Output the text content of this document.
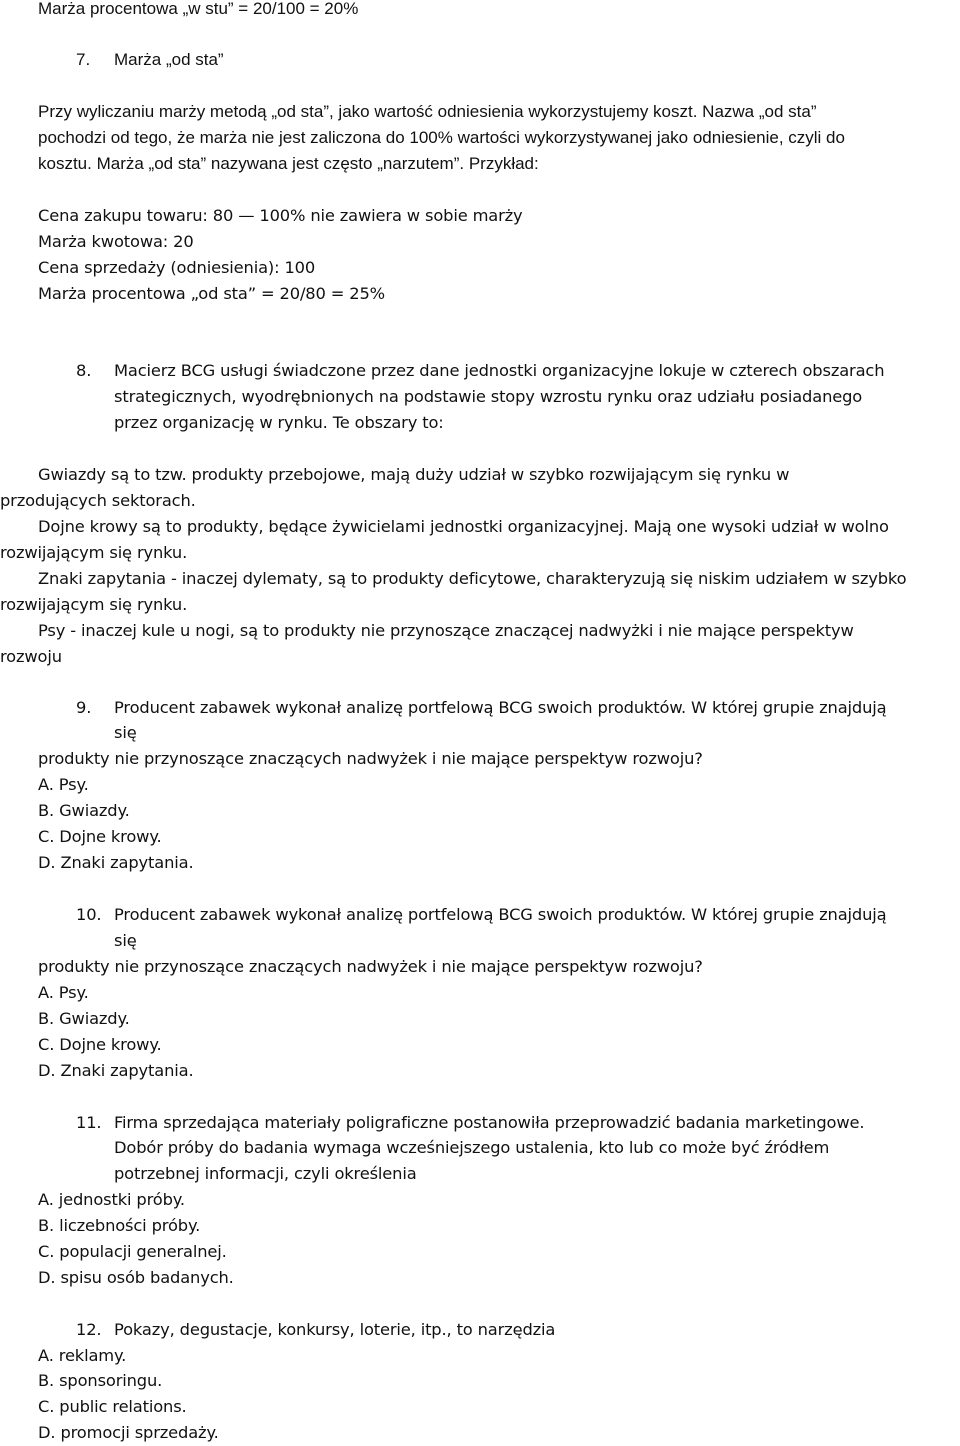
Marża procentowa „w stu” = 20/100 = 20%

7.	Marża „od sta”

Przy wyliczaniu marży metodą „od sta”, jako wartość odniesienia wykorzystujemy koszt. Nazwa „od sta”

pochodzi od tego, że marża nie jest zaliczona do 100% wartości wykorzystywanej jako odniesienie, czyli do

kosztu. Marża „od sta” nazywana jest często „narzutem”. Przykład:

Cena zakupu towaru: 80 — 100% nie zawiera w sobie marży

Marża kwotowa: 20

Cena sprzedaży (odniesienia): 100

Marża procentowa „od sta” = 20/80 = 25%

8.	Macierz BCG usługi świadczone przez dane jednostki organizacyjne lokuje w czterech obszarach

strategicznych, wyodrębnionych na podstawie stopy wzrostu rynku oraz udziału posiadanego

przez organizację w rynku. Te obszary to:

Gwiazdy są to tzw. produkty przebojowe, mają duży udział w szybko rozwijającym się rynku w

przodujących sektorach.

Dojne krowy są to produkty, będące żywicielami jednostki organizacyjnej. Mają one wysoki udział w wolno

rozwijającym się rynku.

Znaki zapytania - inaczej dylematy, są to produkty deficytowe, charakteryzują się niskim udziałem w szybko

rozwijającym się rynku.

Psy - inaczej kule u nogi, są to produkty nie przynoszące znaczącej nadwyżki i nie mające perspektyw

rozwoju

9.	Producent zabawek wykonał analizę portfelową BCG swoich produktów. W której grupie znajdują

się

produkty nie przynoszące znaczących nadwyżek i nie mające perspektyw rozwoju?

A. Psy.

B. Gwiazdy.

C. Dojne krowy.

D. Znaki zapytania.

10. Producent zabawek wykonał analizę portfelową BCG swoich produktów. W której grupie znajdują

się

produkty nie przynoszące znaczących nadwyżek i nie mające perspektyw rozwoju?

A. Psy.

B. Gwiazdy.

C. Dojne krowy.

D. Znaki zapytania.

11. Firma sprzedająca materiały poligraficzne postanowiła przeprowadzić badania marketingowe.

Dobór próby do badania wymaga wcześniejszego ustalenia, kto lub co może być źródłem

potrzebnej informacji, czyli określenia

A. jednostki próby.

B. liczebności próby.

C. populacji generalnej.

D. spisu osób badanych.

12. Pokazy, degustacje, konkursy, loterie, itp., to narzędzia

A. reklamy.

B. sponsoringu.

C. public relations.

D. promocji sprzedaży.
